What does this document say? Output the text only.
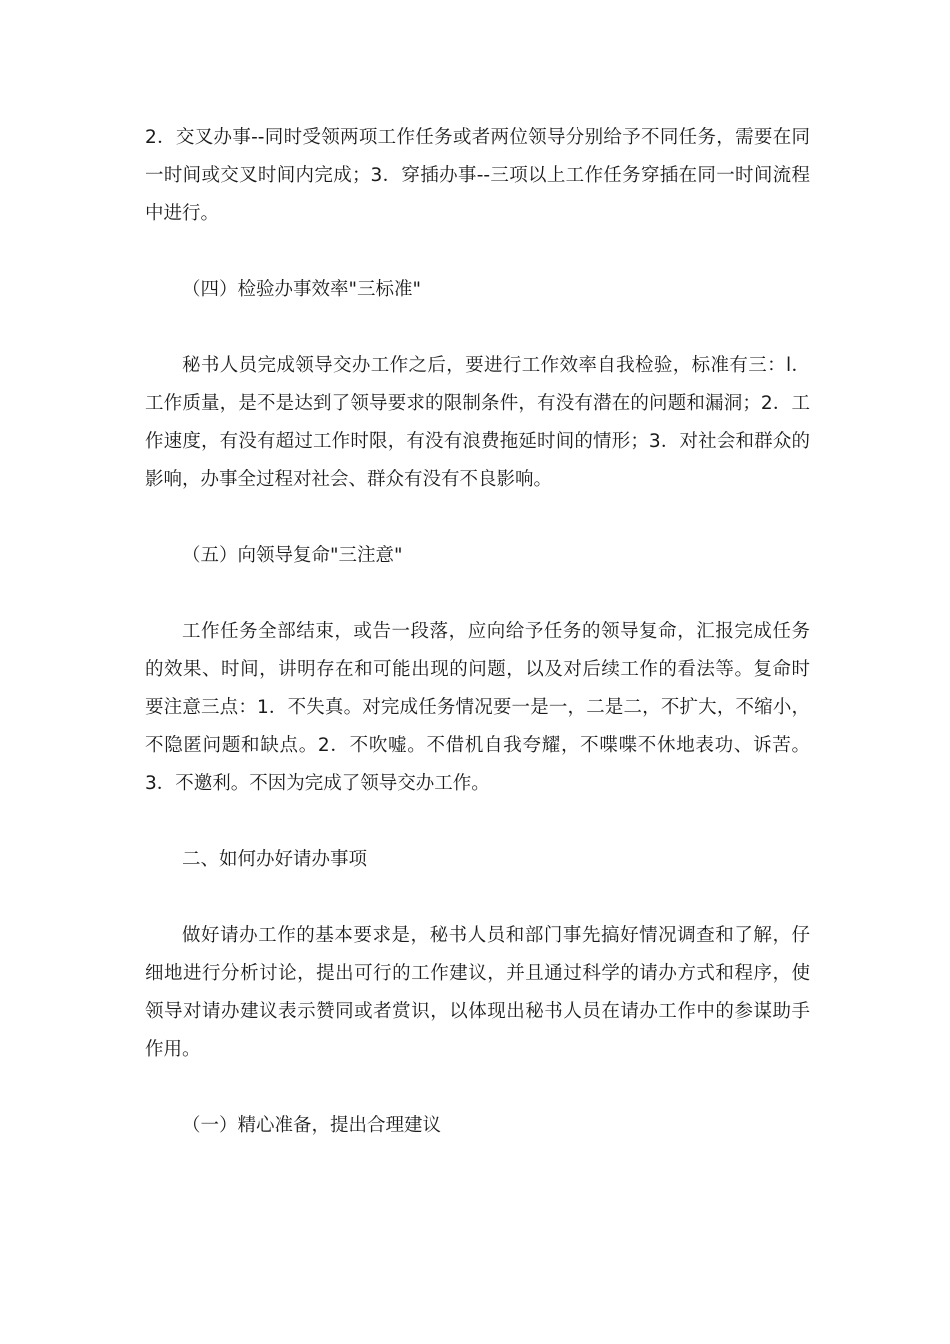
2．交叉办事--同时受领两项工作任务或者两位领导分别给予不同任务，需要在同一时间或交叉时间内完成；3．穿插办事--三项以上工作任务穿插在同一时间流程中进行。

（四）检验办事效率"三标准"

秘书人员完成领导交办工作之后，要进行工作效率自我检验，标准有三：l．工作质量，是不是达到了领导要求的限制条件，有没有潜在的问题和漏洞；2．工作速度，有没有超过工作时限，有没有浪费拖延时间的情形；3．对社会和群众的影响，办事全过程对社会、群众有没有不良影响。

（五）向领导复命"三注意"

工作任务全部结束，或告一段落，应向给予任务的领导复命，汇报完成任务的效果、时间，讲明存在和可能出现的问题，以及对后续工作的看法等。复命时要注意三点：1．不失真。对完成任务情况要一是一，二是二，不扩大，不缩小，不隐匿问题和缺点。2．不吹嘘。不借机自我夸耀，不喋喋不休地表功、诉苦。3．不邀利。不因为完成了领导交办工作。

二、如何办好请办事项

做好请办工作的基本要求是，秘书人员和部门事先搞好情况调查和了解，仔细地进行分析讨论，提出可行的工作建议，并且通过科学的请办方式和程序，使领导对请办建议表示赞同或者赏识，以体现出秘书人员在请办工作中的参谋助手作用。

（一）精心准备，提出合理建议
